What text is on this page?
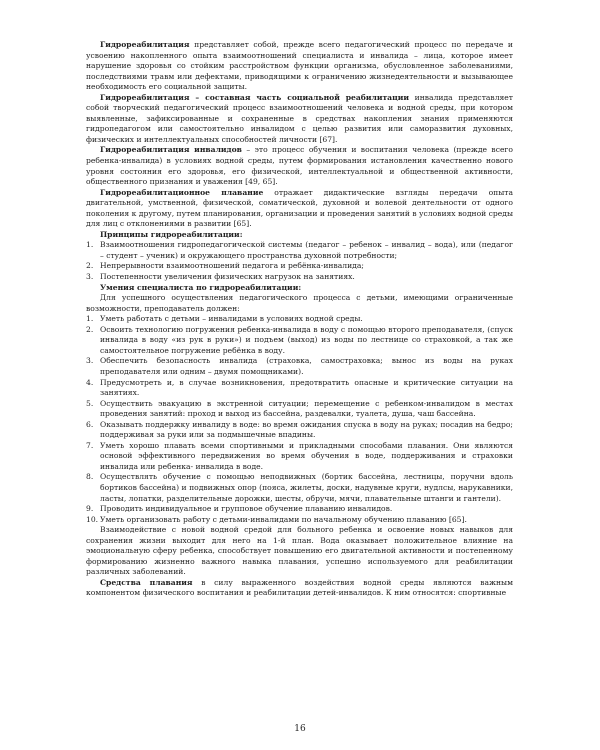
Гидрореабилитация представляет собой, прежде всего педагогический процесс по передаче и усвоению накопленного опыта взаимоотношений специалиста и инвалида – лица, которое имеет нарушение здоровья со стойким расстройством функции организма, обусловленное заболеваниями, последствиями травм или дефектами, приводящими к ограничению жизнедеятельности и вызывающее необходимость его социальной защиты.

Гидрореабилитация – составная часть социальной реабилитации инвалида представляет собой творческий педагогический процесс взаимоотношений человека и водной среды, при котором выявленные, зафиксированные и сохраненные в средствах накопления знания применяются гидропедагогом или самостоятельно инвалидом с целью развития или саморазвития духовных, физических и интеллектуальных способностей личности [67].

Гидрореабилитация инвалидов – это процесс обучения и воспитания человека (прежде всего ребенка-инвалида) в условиях водной среды, путем формирования истановления качественно нового уровня состояния его здоровья, его физической, интеллектуальной и общественной активности, общественного признания и уважения [49, 65].

Гидрореабилитационное плавание отражает дидактические взгляды передачи опыта двигательной, умственной, физической, соматической, духовной и волевой деятельности от одного поколения к другому, путем планирования, организации и проведения занятий в условиях водной среды для лиц с отклонениями в развитии [65].

Принципы гидрореабилитации:

1. Взаимоотношения гидропедагогической системы (педагог – ребенок – инвалид – вода), или (педагог – студент – ученик) и окружающего пространства духовной потребности;
2. Непрерывности взаимоотношений педагога и ребёнка-инвалида;
3. Постепенности увеличения физических нагрузок на занятиях.

Умения специалиста по гидрореабилитации:

Для успешного осуществления педагогического процесса с детьми, имеющими ограниченные возможности, преподаватель должен:

1. Уметь работать с детьми – инвалидами в условиях водной среды.
2. Освоить технологию погружения ребенка-инвалида в воду с помощью второго преподавателя, (спуск инвалида в воду «из рук в руки») и подъем (выход) из воды по лестнице со страховкой, а так же самостоятельное погружение ребёнка в воду.
3. Обеспечить безопасность инвалида (страховка, самостраховка; вынос из воды на руках преподавателя или одним – двумя помощниками).
4. Предусмотреть и, в случае возникновения, предотвратить опасные и критические ситуации на занятиях.
5. Осуществить эвакуацию в экстренной ситуации; перемещение с ребенком-инвалидом в местах проведения занятий: проход и выход из бассейна, раздевалки, туалета, душа, чаш бассейна.
6. Оказывать поддержку инвалиду в воде: во время ожидания спуска в воду на руках; посадив на бедро; поддерживая за руки или за подмышечные впадины.
7. Уметь хорошо плавать всеми спортивными и прикладными способами плавания. Они являются основой эффективного передвижения во время обучения в воде, поддерживания и страховки инвалида или ребенка- инвалида в воде.
8. Осуществлять обучение с помощью неподвижных (бортик бассейна, лестницы, поручни вдоль бортиков бассейна) и подвижных опор (пояса, жилеты, доски, надувные круги, нудлсы, нарукавники, ласты, лопатки, разделительные дорожки, шесты, обручи, мячи, плавательные штанги и гантели).
9. Проводить индивидуальное и групповое обучение плаванию инвалидов.
10. Уметь организовать работу с детьми-инвалидами по начальному обучению плаванию [65].

Взаимодействие с новой водной средой для больного ребенка и освоение новых навыков для сохранения жизни выходит для него на 1-й план. Вода оказывает положительное влияние на эмоциональную сферу ребенка, способствует повышению его двигательной активности и постепенному формированию жизненно важного навыка плавания, успешно используемого для реабилитации различных заболеваний.

Средства плавания в силу выраженного воздействия водной среды являются важным компонентом физического воспитания и реабилитации детей-инвалидов. К ним относятся: спортивные

16
